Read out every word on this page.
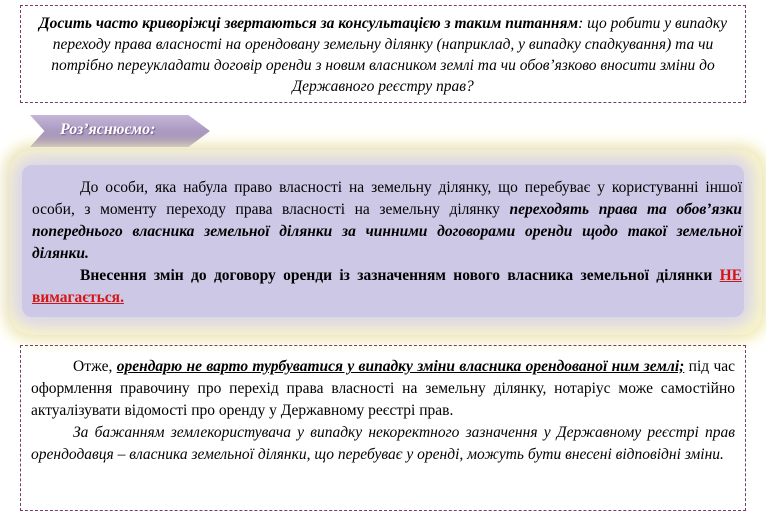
Досить часто криворіжці звертаються за консультацією з таким питанням: що робити у випадку переходу права власності на орендовану земельну ділянку (наприклад, у випадку спадкування) та чи потрібно переукладати договір оренди з новим власником землі та чи обов’язково вносити зміни до Державного реєстру прав?

Роз’яснюємо:

До особи, яка набула право власності на земельну ділянку, що перебуває у користуванні іншої особи, з моменту переходу права власності на земельну ділянку переходять права та обов’язки попереднього власника земельної ділянки за чинними договорами оренди щодо такої земельної ділянки.

Внесення змін до договору оренди із зазначенням нового власника земельної ділянки НЕ вимагається.

Отже, орендарю не варто турбуватися у випадку зміни власника орендованої ним землі; під час оформлення правочину про перехід права власності на земельну ділянку, нотаріус може самостійно актуалізувати відомості про оренду у Державному реєстрі прав.

За бажанням землекористувача у випадку некоректного зазначення у Державному реєстрі прав орендодавця – власника земельної ділянки, що перебуває у оренді, можуть бути внесені відповідні зміни.
